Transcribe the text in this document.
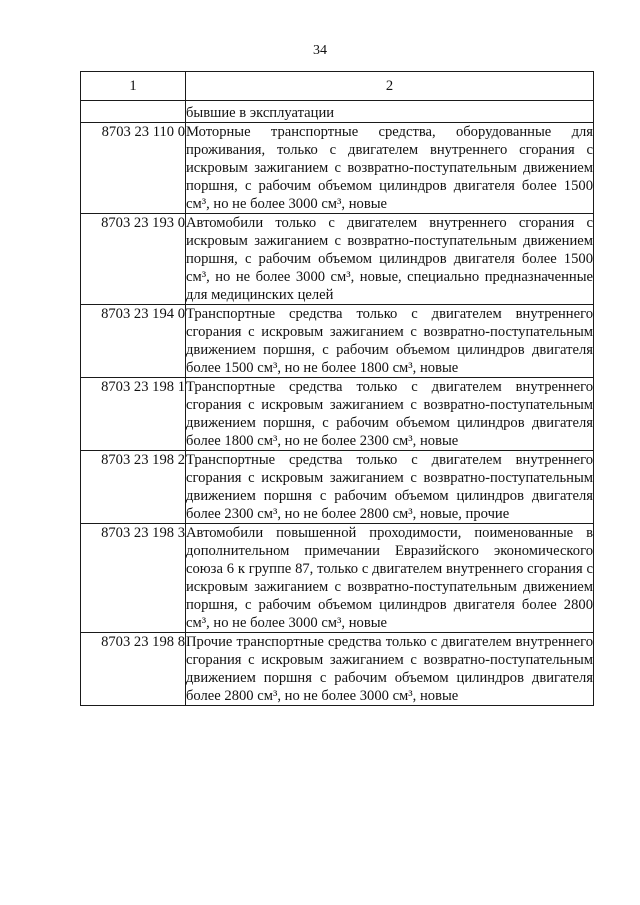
34
1	2
	бывшие в эксплуатации
8703 23 110 0	Моторные транспортные средства, оборудованные для проживания, только с двигателем внутреннего сгорания с искровым зажиганием с возвратно-поступательным движением поршня, с рабочим объемом цилиндров двигателя более 1500 см³, но не более 3000 см³, новые
8703 23 193 0	Автомобили только с двигателем внутреннего сгорания с искровым зажиганием с возвратно-поступательным движением поршня, с рабочим объемом цилиндров двигателя более 1500 см³, но не более 3000 см³, новые, специально предназначенные для медицинских целей
8703 23 194 0	Транспортные средства только с двигателем внутреннего сгорания с искровым зажиганием с возвратно-поступательным движением поршня, с рабочим объемом цилиндров двигателя более 1500 см³, но не более 1800 см³, новые
8703 23 198 1	Транспортные средства только с двигателем внутреннего сгорания с искровым зажиганием с возвратно-поступательным движением поршня, с рабочим объемом цилиндров двигателя более 1800 см³, но не более 2300 см³, новые
8703 23 198 2	Транспортные средства только с двигателем внутреннего сгорания с искровым зажиганием с возвратно-поступательным движением поршня с рабочим объемом цилиндров двигателя более 2300 см³, но не более 2800 см³, новые, прочие
8703 23 198 3	Автомобили повышенной проходимости, поименованные в дополнительном примечании Евразийского экономического союза 6 к группе 87, только с двигателем внутреннего сгорания с искровым зажиганием с возвратно-поступательным движением поршня, с рабочим объемом цилиндров двигателя более 2800 см³, но не более 3000 см³, новые
8703 23 198 8	Прочие транспортные средства только с двигателем внутреннего сгорания с искровым зажиганием с возвратно-поступательным движением поршня с рабочим объемом цилиндров двигателя более 2800 см³, но не более 3000 см³, новые
